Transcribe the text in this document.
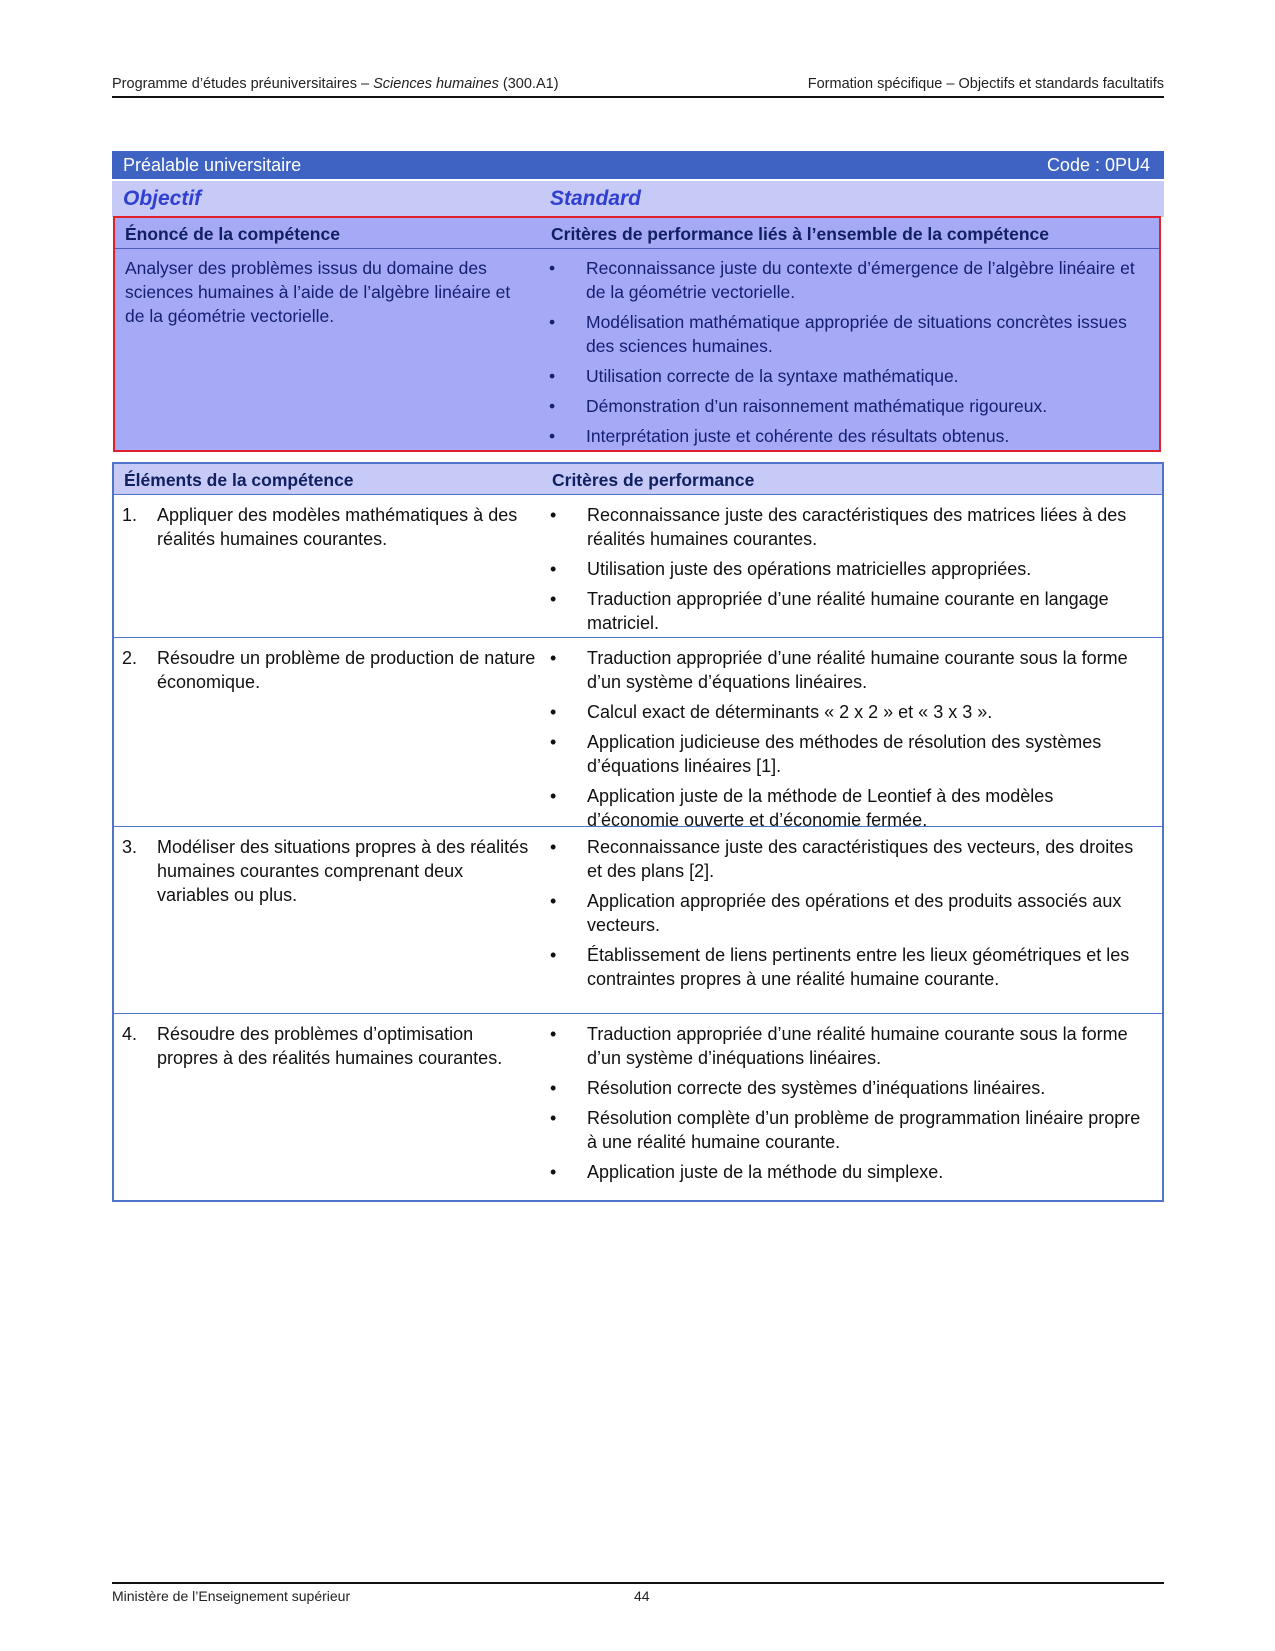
Programme d’études préuniversitaires – Sciences humaines (300.A1)	Formation spécifique – Objectifs et standards facultatifs
Préalable universitaire	Code : 0PU4
Objectif	Standard
Énoncé de la compétence	Critères de performance liés à l’ensemble de la compétence
Analyser des problèmes issus du domaine des sciences humaines à l’aide de l’algèbre linéaire et de la géométrie vectorielle.
• Reconnaissance juste du contexte d’émergence de l’algèbre linéaire et de la géométrie vectorielle.
• Modélisation mathématique appropriée de situations concrètes issues des sciences humaines.
• Utilisation correcte de la syntaxe mathématique.
• Démonstration d’un raisonnement mathématique rigoureux.
• Interprétation juste et cohérente des résultats obtenus.
Éléments de la compétence	Critères de performance
1. Appliquer des modèles mathématiques à des réalités humaines courantes.
• Reconnaissance juste des caractéristiques des matrices liées à des réalités humaines courantes.
• Utilisation juste des opérations matricielles appropriées.
• Traduction appropriée d’une réalité humaine courante en langage matriciel.
2. Résoudre un problème de production de nature économique.
• Traduction appropriée d’une réalité humaine courante sous la forme d’un système d’équations linéaires.
• Calcul exact de déterminants « 2 x 2 » et « 3 x 3 ».
• Application judicieuse des méthodes de résolution des systèmes d’équations linéaires [1].
• Application juste de la méthode de Leontief à des modèles d’économie ouverte et d’économie fermée.
3. Modéliser des situations propres à des réalités humaines courantes comprenant deux variables ou plus.
• Reconnaissance juste des caractéristiques des vecteurs, des droites et des plans [2].
• Application appropriée des opérations et des produits associés aux vecteurs.
• Établissement de liens pertinents entre les lieux géométriques et les contraintes propres à une réalité humaine courante.
4. Résoudre des problèmes d’optimisation propres à des réalités humaines courantes.
• Traduction appropriée d’une réalité humaine courante sous la forme d’un système d’inéquations linéaires.
• Résolution correcte des systèmes d’inéquations linéaires.
• Résolution complète d’un problème de programmation linéaire propre à une réalité humaine courante.
• Application juste de la méthode du simplexe.
Ministère de l’Enseignement supérieur	44
